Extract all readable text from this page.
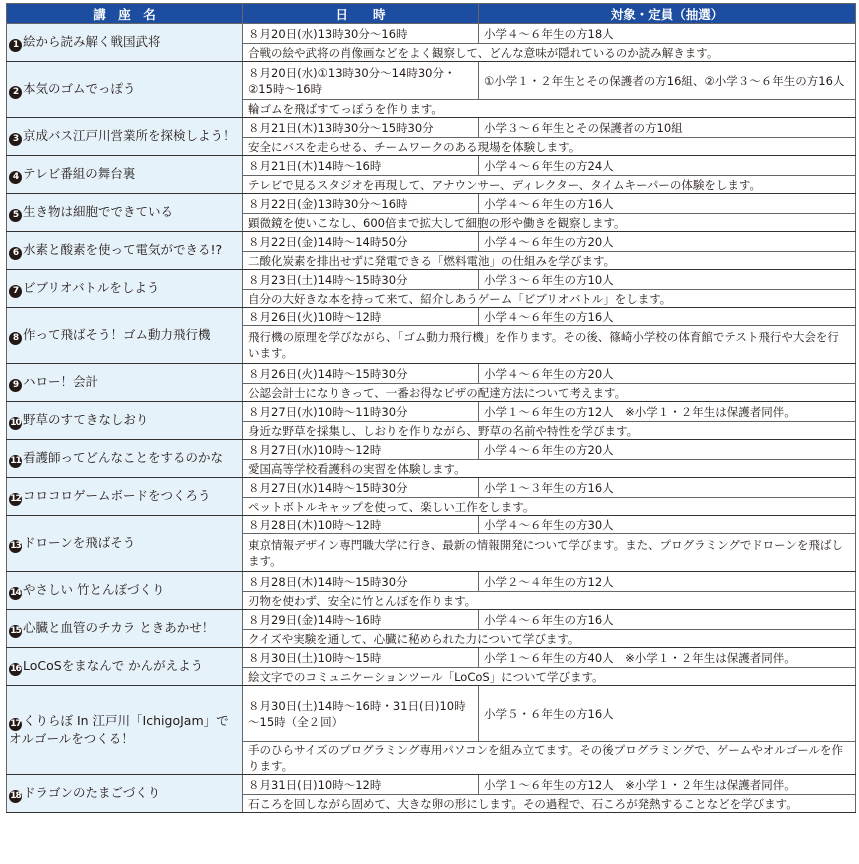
講　座　名	日　　時	対象・定員（抽選）
1 絵から読み解く戦国武将	８月20日(水)13時30分～16時	小学４～６年生の方18人
	合戦の絵や武将の肖像画などをよく観察して、どんな意味が隠れているのか読み解きます。	
2 本気のゴムでっぽう	８月20日(水)①13時30分～14時30分・②15時～16時	①小学１・２年生とその保護者の方16組、②小学３～６年生の方16人
	輪ゴムを飛ばすてっぽうを作ります。	
3 京成バス江戸川営業所を探検しよう！	８月21日(木)13時30分～15時30分	小学３～６年生とその保護者の方10組
	安全にバスを走らせる、チームワークのある現場を体験します。	
4 テレビ番組の舞台裏	８月21日(木)14時～16時	小学４～６年生の方24人
	テレビで見るスタジオを再現して、アナウンサー、ディレクター、タイムキーパーの体験をします。	
5 生き物は細胞でできている	８月22日(金)13時30分～16時	小学４～６年生の方16人
	顕微鏡を使いこなし、600倍まで拡大して細胞の形や働きを観察します。	
6 水素と酸素を使って電気ができる!?	８月22日(金)14時～14時50分	小学４～６年生の方20人
	二酸化炭素を排出せずに発電できる「燃料電池」の仕組みを学びます。	
7 ビブリオバトルをしよう	８月23日(土)14時～15時30分	小学３～６年生の方10人
	自分の大好きな本を持って来て、紹介しあうゲーム「ビブリオバトル」をします。	
8 作って飛ばそう！ゴム動力飛行機	８月26日(火)10時～12時	小学４～６年生の方16人
	飛行機の原理を学びながら、「ゴム動力飛行機」を作ります。その後、篠崎小学校の体育館でテスト飛行や大会を行います。	
9 ハロー！会計	８月26日(火)14時～15時30分	小学４～６年生の方20人
	公認会計士になりきって、一番お得なピザの配達方法について考えます。	
10 野草のすてきなしおり	８月27日(水)10時～11時30分	小学１～６年生の方12人　※小学１・２年生は保護者同伴。
	身近な野草を採集し、しおりを作りながら、野草の名前や特性を学びます。	
11 看護師ってどんなことをするのかな	８月27日(水)10時～12時	小学４～６年生の方20人
	愛国高等学校看護科の実習を体験します。	
12 コロコロゲームボードをつくろう	８月27日(水)14時～15時30分	小学１～３年生の方16人
	ペットボトルキャップを使って、楽しい工作をします。	
13 ドローンを飛ばそう	８月28日(木)10時～12時	小学４～６年生の方30人
	東京情報デザイン専門職大学に行き、最新の情報開発について学びます。また、プログラミングでドローンを飛ばします。	
14 やさしい 竹とんぼづくり	８月28日(木)14時～15時30分	小学２～４年生の方12人
	刃物を使わず、安全に竹とんぼを作ります。	
15 心臓と血管のチカラ ときあかせ！	８月29日(金)14時～16時	小学４～６年生の方16人
	クイズや実験を通して、心臓に秘められた力について学びます。	
16 LoCoSをまなんで かんがえよう	８月30日(土)10時～15時	小学１～６年生の方40人　※小学１・２年生は保護者同伴。
	絵文字でのコミュニケーションツール「LoCoS」について学びます。	
17 くりらぼ In 江戸川「IchigoJam」でオルゴールをつくる！	８月30日(土)14時～16時・31日(日)10時～15時（全２回）	小学５・６年生の方16人
	手のひらサイズのプログラミング専用パソコンを組み立てます。その後プログラミングで、ゲームやオルゴールを作ります。	
18 ドラゴンのたまごづくり	８月31日(日)10時～12時	小学１～６年生の方12人　※小学１・２年生は保護者同伴。
	石ころを回しながら固めて、大きな卵の形にします。その過程で、石ころが発熱することなどを学びます。	
